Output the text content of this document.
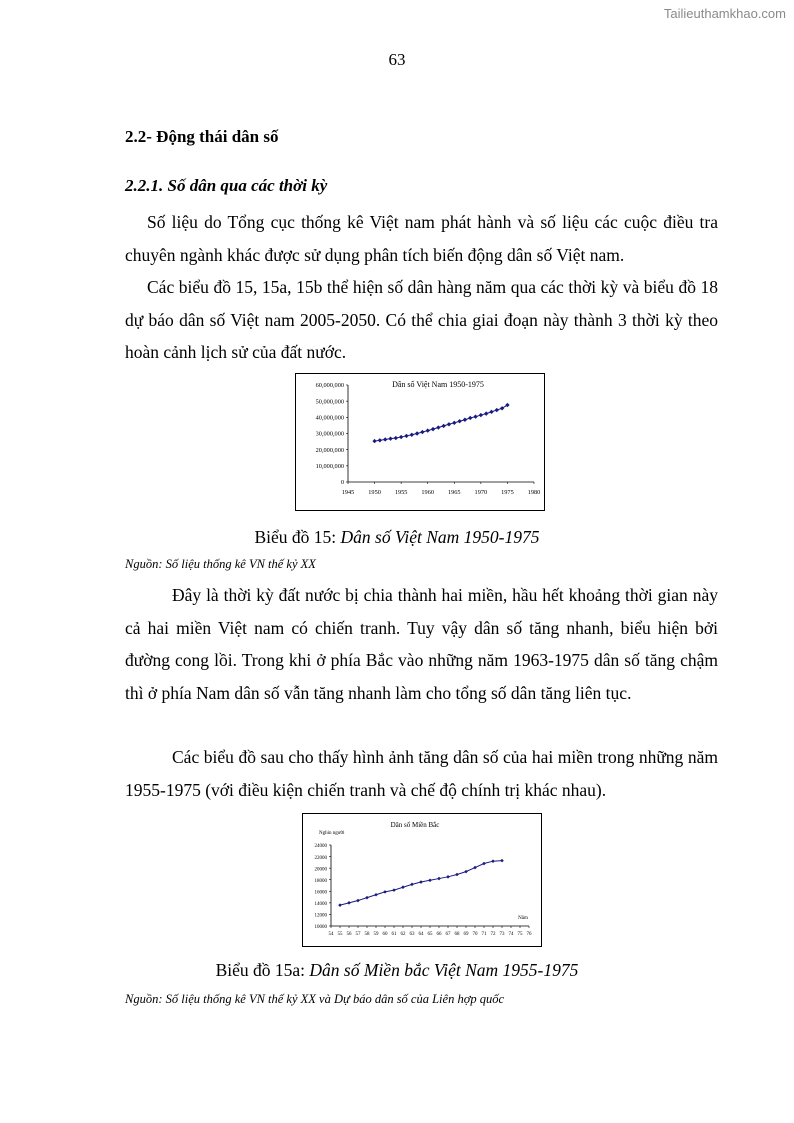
Tailieuthamkhao.com
63
2.2- Động thái dân số
2.2.1. Số dân qua các thời kỳ

Số liệu do Tổng cục thống kê Việt nam phát hành và số liệu các cuộc điều tra chuyên ngành khác được sử dụng phân tích biến động dân số Việt nam.

Các biểu đồ 15, 15a, 15b thể hiện số dân hàng năm qua các thời kỳ và biểu đồ 18 dự báo dân số Việt nam 2005-2050. Có thể chia giai đoạn này thành 3 thời kỳ theo hoàn cảnh lịch sử của đất nước.

0
10,000,000
20,000,000
30,000,000
40,000,000
50,000,000
60,000,000
1945 1950 1955 1960 1965 1970 1975 1980
Dân số Việt Nam 1950-1975
Biểu đồ 15: Dân số Việt Nam 1950-1975
Nguồn: Số liệu thống kê VN thế kỷ XX

Đây là thời kỳ đất nước bị chia thành hai miền, hầu hết khoảng thời gian này cả hai miền Việt nam có chiến tranh. Tuy vậy dân số tăng nhanh, biểu hiện bởi đường cong lồi. Trong khi ở phía Bắc vào những năm 1963-1975 dân số tăng chậm thì ở phía Nam dân số vẫn tăng nhanh làm cho tổng số dân tăng liên tục.

Các biểu đồ sau cho thấy hình ảnh tăng dân số của hai miền trong những năm 1955-1975 (với điều kiện chiến tranh và chế độ chính trị khác nhau).

10000
12000
14000
16000
18000
20000
22000
24000
54 55 56 57 58 59 60 61 62 63 64 65 66 67 68 69 70 71 72 73 74 75 76
Dân số Miền Bắc
Nghìn người
Năm
Biểu đồ 15a: Dân số Miền bắc Việt Nam 1955-1975
Nguồn: Số liệu thống kê VN thế kỷ XX và Dự báo dân số của Liên hợp quốc
